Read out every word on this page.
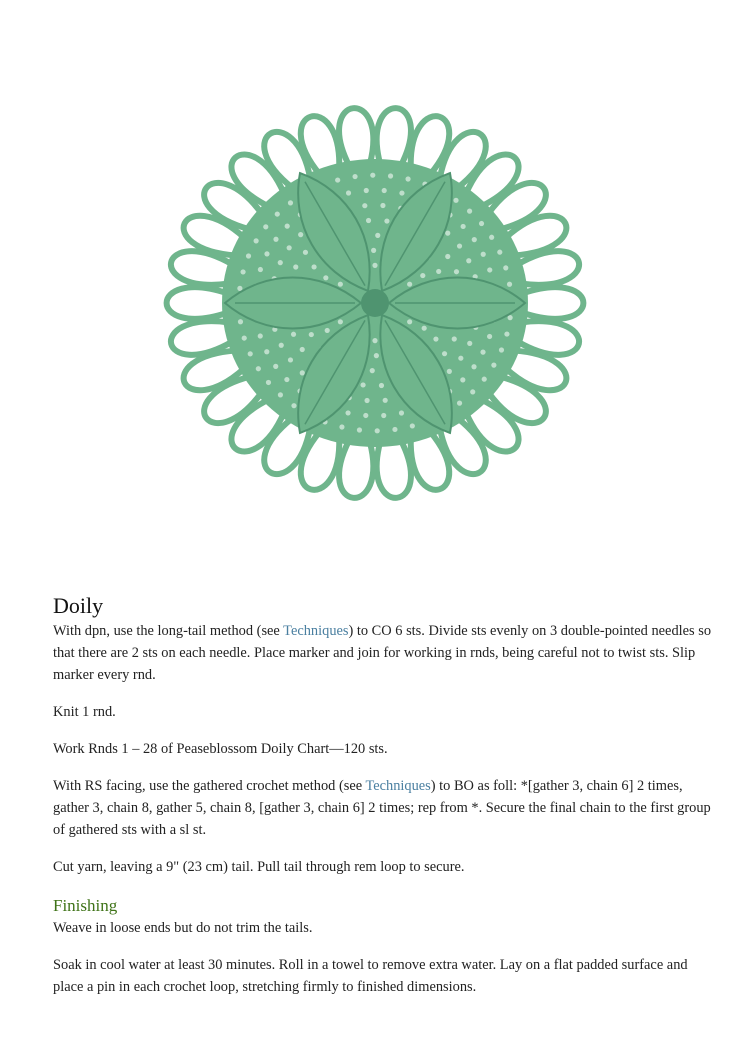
Doily

With dpn, use the long-tail method (see Techniques) to CO 6 sts. Divide sts evenly on 3 double-pointed needles so that there are 2 sts on each needle. Place marker and join for working in rnds, being careful not to twist sts. Slip marker every rnd.

Knit 1 rnd.

Work Rnds 1 – 28 of Peaseblossom Doily Chart—120 sts.

With RS facing, use the gathered crochet method (see Techniques) to BO as foll: *[gather 3, chain 6] 2 times, gather 3, chain 8, gather 5, chain 8, [gather 3, chain 6] 2 times; rep from *. Secure the final chain to the first group of gathered sts with a sl st.

Cut yarn, leaving a 9" (23 cm) tail. Pull tail through rem loop to secure.

Finishing

Weave in loose ends but do not trim the tails.

Soak in cool water at least 30 minutes. Roll in a towel to remove extra water. Lay on a flat padded surface and place a pin in each crochet loop, stretching firmly to finished dimensions.
